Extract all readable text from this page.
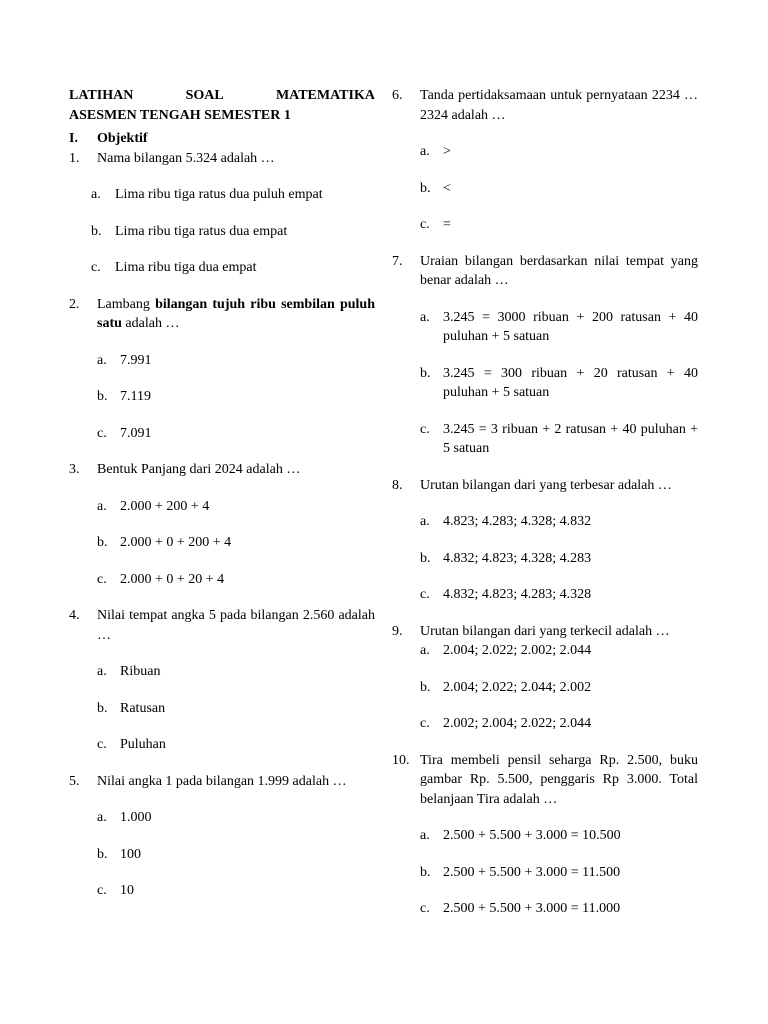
LATIHAN	SOAL	MATEMATIKA
ASESMEN TENGAH SEMESTER 1
I.	Objektif
1.	Nama bilangan 5.324 adalah …
a.	Lima ribu tiga ratus dua puluh empat
b. Lima ribu tiga ratus dua empat
c.	Lima ribu tiga dua empat
2.	Lambang bilangan tujuh ribu sembilan puluh satu adalah …
a. 7.991
b. 7.119
c. 7.091
3.	Bentuk Panjang dari 2024 adalah …
a. 2.000 + 200 + 4
b. 2.000 + 0 + 200 + 4
c. 2.000 + 0 + 20 + 4
4.	Nilai tempat angka 5 pada bilangan 2.560 adalah …
a. Ribuan
b. Ratusan
c. Puluhan
5.	Nilai angka 1 pada bilangan 1.999 adalah …
a. 1.000
b. 100
c. 10
6.	Tanda pertidaksamaan untuk pernyataan 2234 … 2324 adalah …
a. >
b. <
c. =
7.	Uraian bilangan berdasarkan nilai tempat yang benar adalah …
a. 3.245 = 3000 ribuan + 200 ratusan + 40 puluhan + 5 satuan
b. 3.245 = 300 ribuan + 20 ratusan + 40 puluhan + 5 satuan
c. 3.245 = 3 ribuan + 2 ratusan + 40 puluhan + 5 satuan
8.	Urutan bilangan dari yang terbesar adalah …
a. 4.823; 4.283; 4.328; 4.832
b. 4.832; 4.823; 4.328; 4.283
c. 4.832; 4.823; 4.283; 4.328
9.	Urutan bilangan dari yang terkecil adalah …
a. 2.004; 2.022; 2.002; 2.044
b. 2.004; 2.022; 2.044; 2.002
c. 2.002; 2.004; 2.022; 2.044
10. Tira membeli pensil seharga Rp. 2.500, buku gambar Rp. 5.500, penggaris Rp 3.000. Total belanjaan Tira adalah …
a. 2.500 + 5.500 + 3.000 = 10.500
b. 2.500 + 5.500 + 3.000 = 11.500
c. 2.500 + 5.500 + 3.000 = 11.000
